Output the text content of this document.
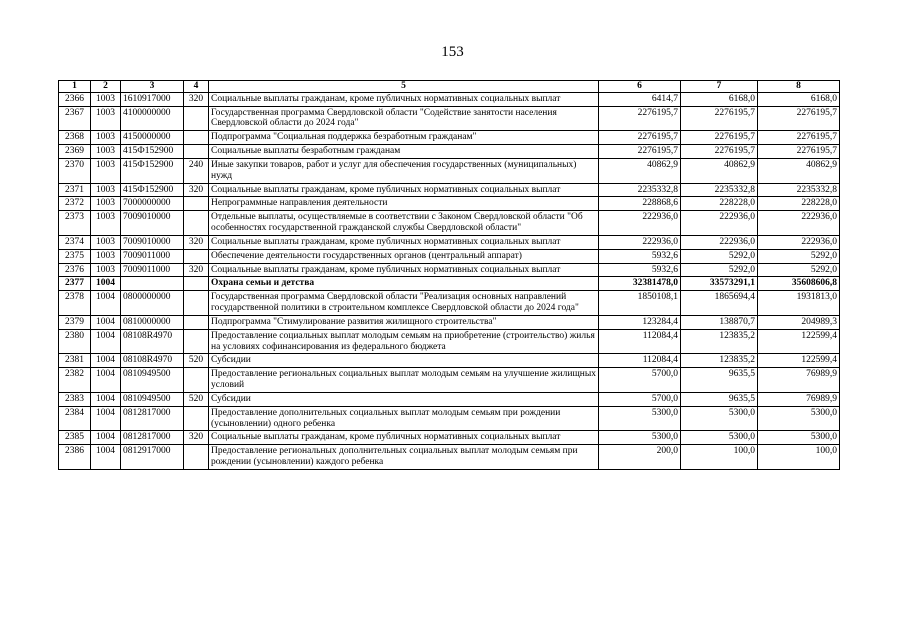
153
1	2	3	4	5	6	7	8
2366	1003	1610917000	320	Социальные выплаты гражданам, кроме публичных нормативных социальных выплат	6414,7	6168,0	6168,0
2367	1003	4100000000		Государственная программа Свердловской области "Содействие занятости населения Свердловской области до 2024 года"	2276195,7	2276195,7	2276195,7
2368	1003	4150000000		Подпрограмма "Социальная поддержка безработным гражданам"	2276195,7	2276195,7	2276195,7
2369	1003	415Ф152900		Социальные выплаты безработным гражданам	2276195,7	2276195,7	2276195,7
2370	1003	415Ф152900	240	Иные закупки товаров, работ и услуг для обеспечения государственных (муниципальных) нужд	40862,9	40862,9	40862,9
2371	1003	415Ф152900	320	Социальные выплаты гражданам, кроме публичных нормативных социальных выплат	2235332,8	2235332,8	2235332,8
2372	1003	7000000000		Непрограммные направления деятельности	228868,6	228228,0	228228,0
2373	1003	7009010000		Отдельные выплаты, осуществляемые в соответствии с Законом Свердловской области "Об особенностях государственной гражданской службы Свердловской области"	222936,0	222936,0	222936,0
2374	1003	7009010000	320	Социальные выплаты гражданам, кроме публичных нормативных социальных выплат	222936,0	222936,0	222936,0
2375	1003	7009011000		Обеспечение деятельности государственных органов (центральный аппарат)	5932,6	5292,0	5292,0
2376	1003	7009011000	320	Социальные выплаты гражданам, кроме публичных нормативных социальных выплат	5932,6	5292,0	5292,0
2377	1004			Охрана семьи и детства	32381478,0	33573291,1	35608606,8
2378	1004	0800000000		Государственная программа Свердловской области "Реализация основных направлений государственной политики в строительном комплексе Свердловской области до 2024 года"	1850108,1	1865694,4	1931813,0
2379	1004	0810000000		Подпрограмма "Стимулирование развития жилищного строительства"	123284,4	138870,7	204989,3
2380	1004	08108R4970		Предоставление социальных выплат молодым семьям на приобретение (строительство) жилья на условиях софинансирования из федерального бюджета	112084,4	123835,2	122599,4
2381	1004	08108R4970	520	Субсидии	112084,4	123835,2	122599,4
2382	1004	0810949500		Предоставление региональных социальных выплат молодым семьям на улучшение жилищных условий	5700,0	9635,5	76989,9
2383	1004	0810949500	520	Субсидии	5700,0	9635,5	76989,9
2384	1004	0812817000		Предоставление дополнительных социальных выплат молодым семьям при рождении (усыновлении) одного ребенка	5300,0	5300,0	5300,0
2385	1004	0812817000	320	Социальные выплаты гражданам, кроме публичных нормативных социальных выплат	5300,0	5300,0	5300,0
2386	1004	0812917000		Предоставление региональных дополнительных социальных выплат молодым семьям при рождении (усыновлении) каждого ребенка	200,0	100,0	100,0
